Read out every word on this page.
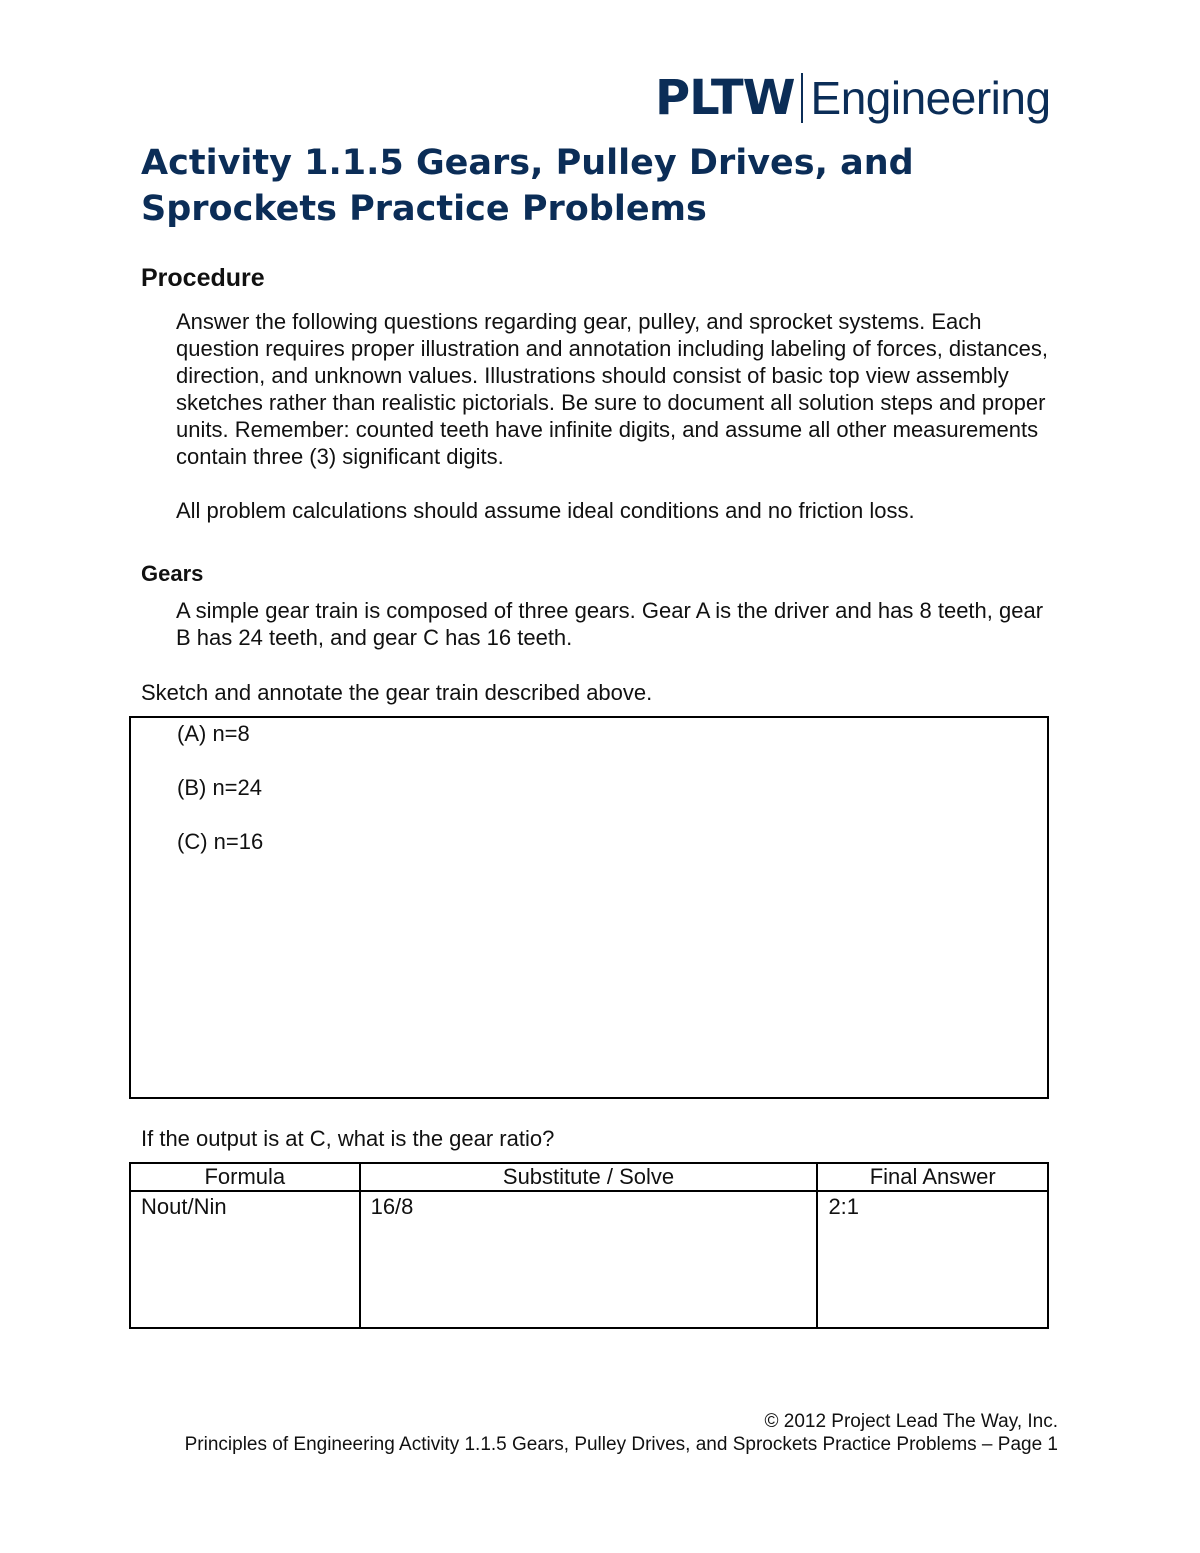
PLTW Engineering
Activity 1.1.5 Gears, Pulley Drives, and Sprockets Practice Problems
Procedure

Answer the following questions regarding gear, pulley, and sprocket systems. Each question requires proper illustration and annotation including labeling of forces, distances, direction, and unknown values. Illustrations should consist of basic top view assembly sketches rather than realistic pictorials. Be sure to document all solution steps and proper units. Remember: counted teeth have infinite digits, and assume all other measurements contain three (3) significant digits.

All problem calculations should assume ideal conditions and no friction loss.

Gears

A simple gear train is composed of three gears. Gear A is the driver and has 8 teeth, gear B has 24 teeth, and gear C has 16 teeth.

Sketch and annotate the gear train described above.

(A) n=8
(B) n=24
(C) n=16

If the output is at C, what is the gear ratio?

Formula	Substitute / Solve	Final Answer
Nout/Nin	16/8	2:1
© 2012 Project Lead The Way, Inc.
Principles of Engineering Activity 1.1.5 Gears, Pulley Drives, and Sprockets Practice Problems – Page 1
